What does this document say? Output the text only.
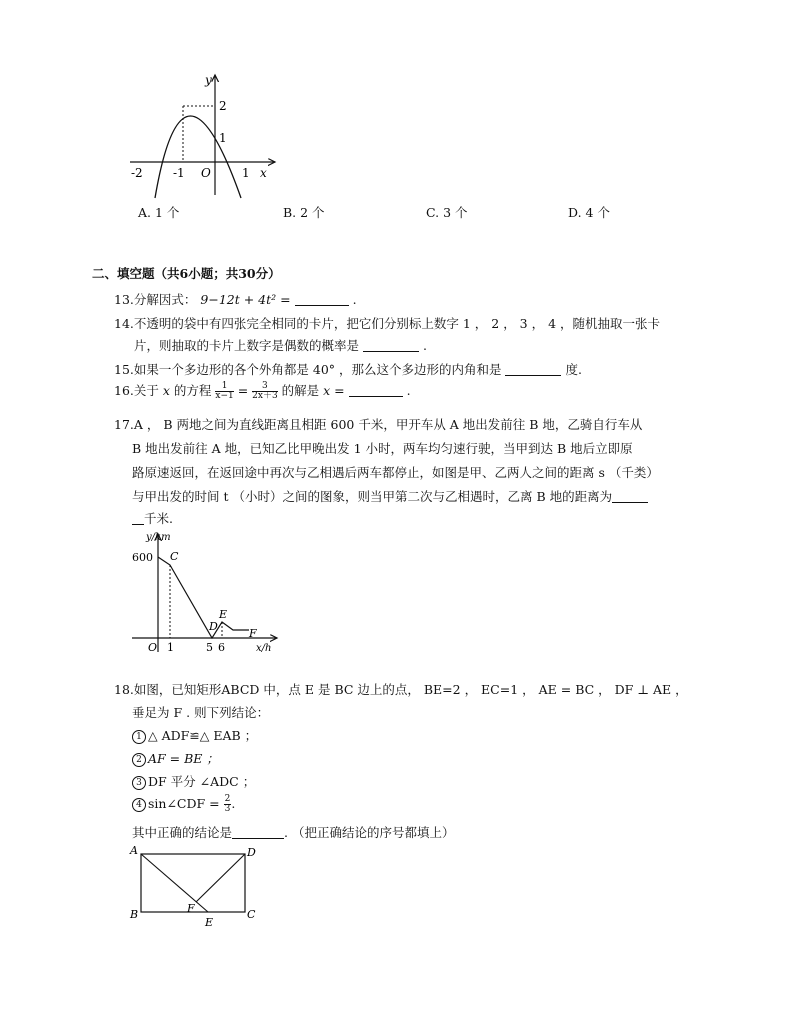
y
2
1
-2	-1 O	1 x
A. 1 个	B. 2 个	C. 3 个	D. 4 个
二、填空题（共6小题；共30分）
13.分解因式： 9−12t + 4t² =	.
14.不透明的袋中有四张完全相同的卡片，把它们分别标上数字 1 ， 2 ， 3 ， 4 ，随机抽取一张卡
片，则抽取的卡片上数字是偶数的概率是	.
15.如果一个多边形的各个外角都是 40° ，那么这个多边形的内角和是	度.
16.关于 x 的方程 $\frac{1}{x-1} = \frac{3}{2x+3}$ 的解是 x =	.
17.A ， B 两地之间为直线距离且相距 600 千米，甲开车从 A 地出发前往 B 地，乙骑自行车从
B 地出发前往 A 地，已知乙比甲晚出发 1 小时，两车均匀速行驶，当甲到达 B 地后立即原
路原速返回，在返回途中再次与乙相遇后两车都停止，如图是甲、乙两人之间的距离 s （千类）
与甲出发的时间 t （小时）之间的图象，则当甲第二次与乙相遇时，乙离 B 地的距离为
千米.
y/km
600 C
E
D
F
O 1	5 6	x/h
18.如图，已知矩形ABCD 中，点 E 是 BC 边上的点， BE=2 ， EC=1 ， AE = BC ， DF ⊥ AE ，
垂足为 F . 则下列结论：
1 △ ADF≌△ EAB ；
2 AF = BE ；
3 DF 平分 ∠ADC ；
4 sin∠CDF = $\frac{2}{3}$ .
其中正确的结论是	. （把正确结论的序号都填上）
A	D
B	C
F
E
